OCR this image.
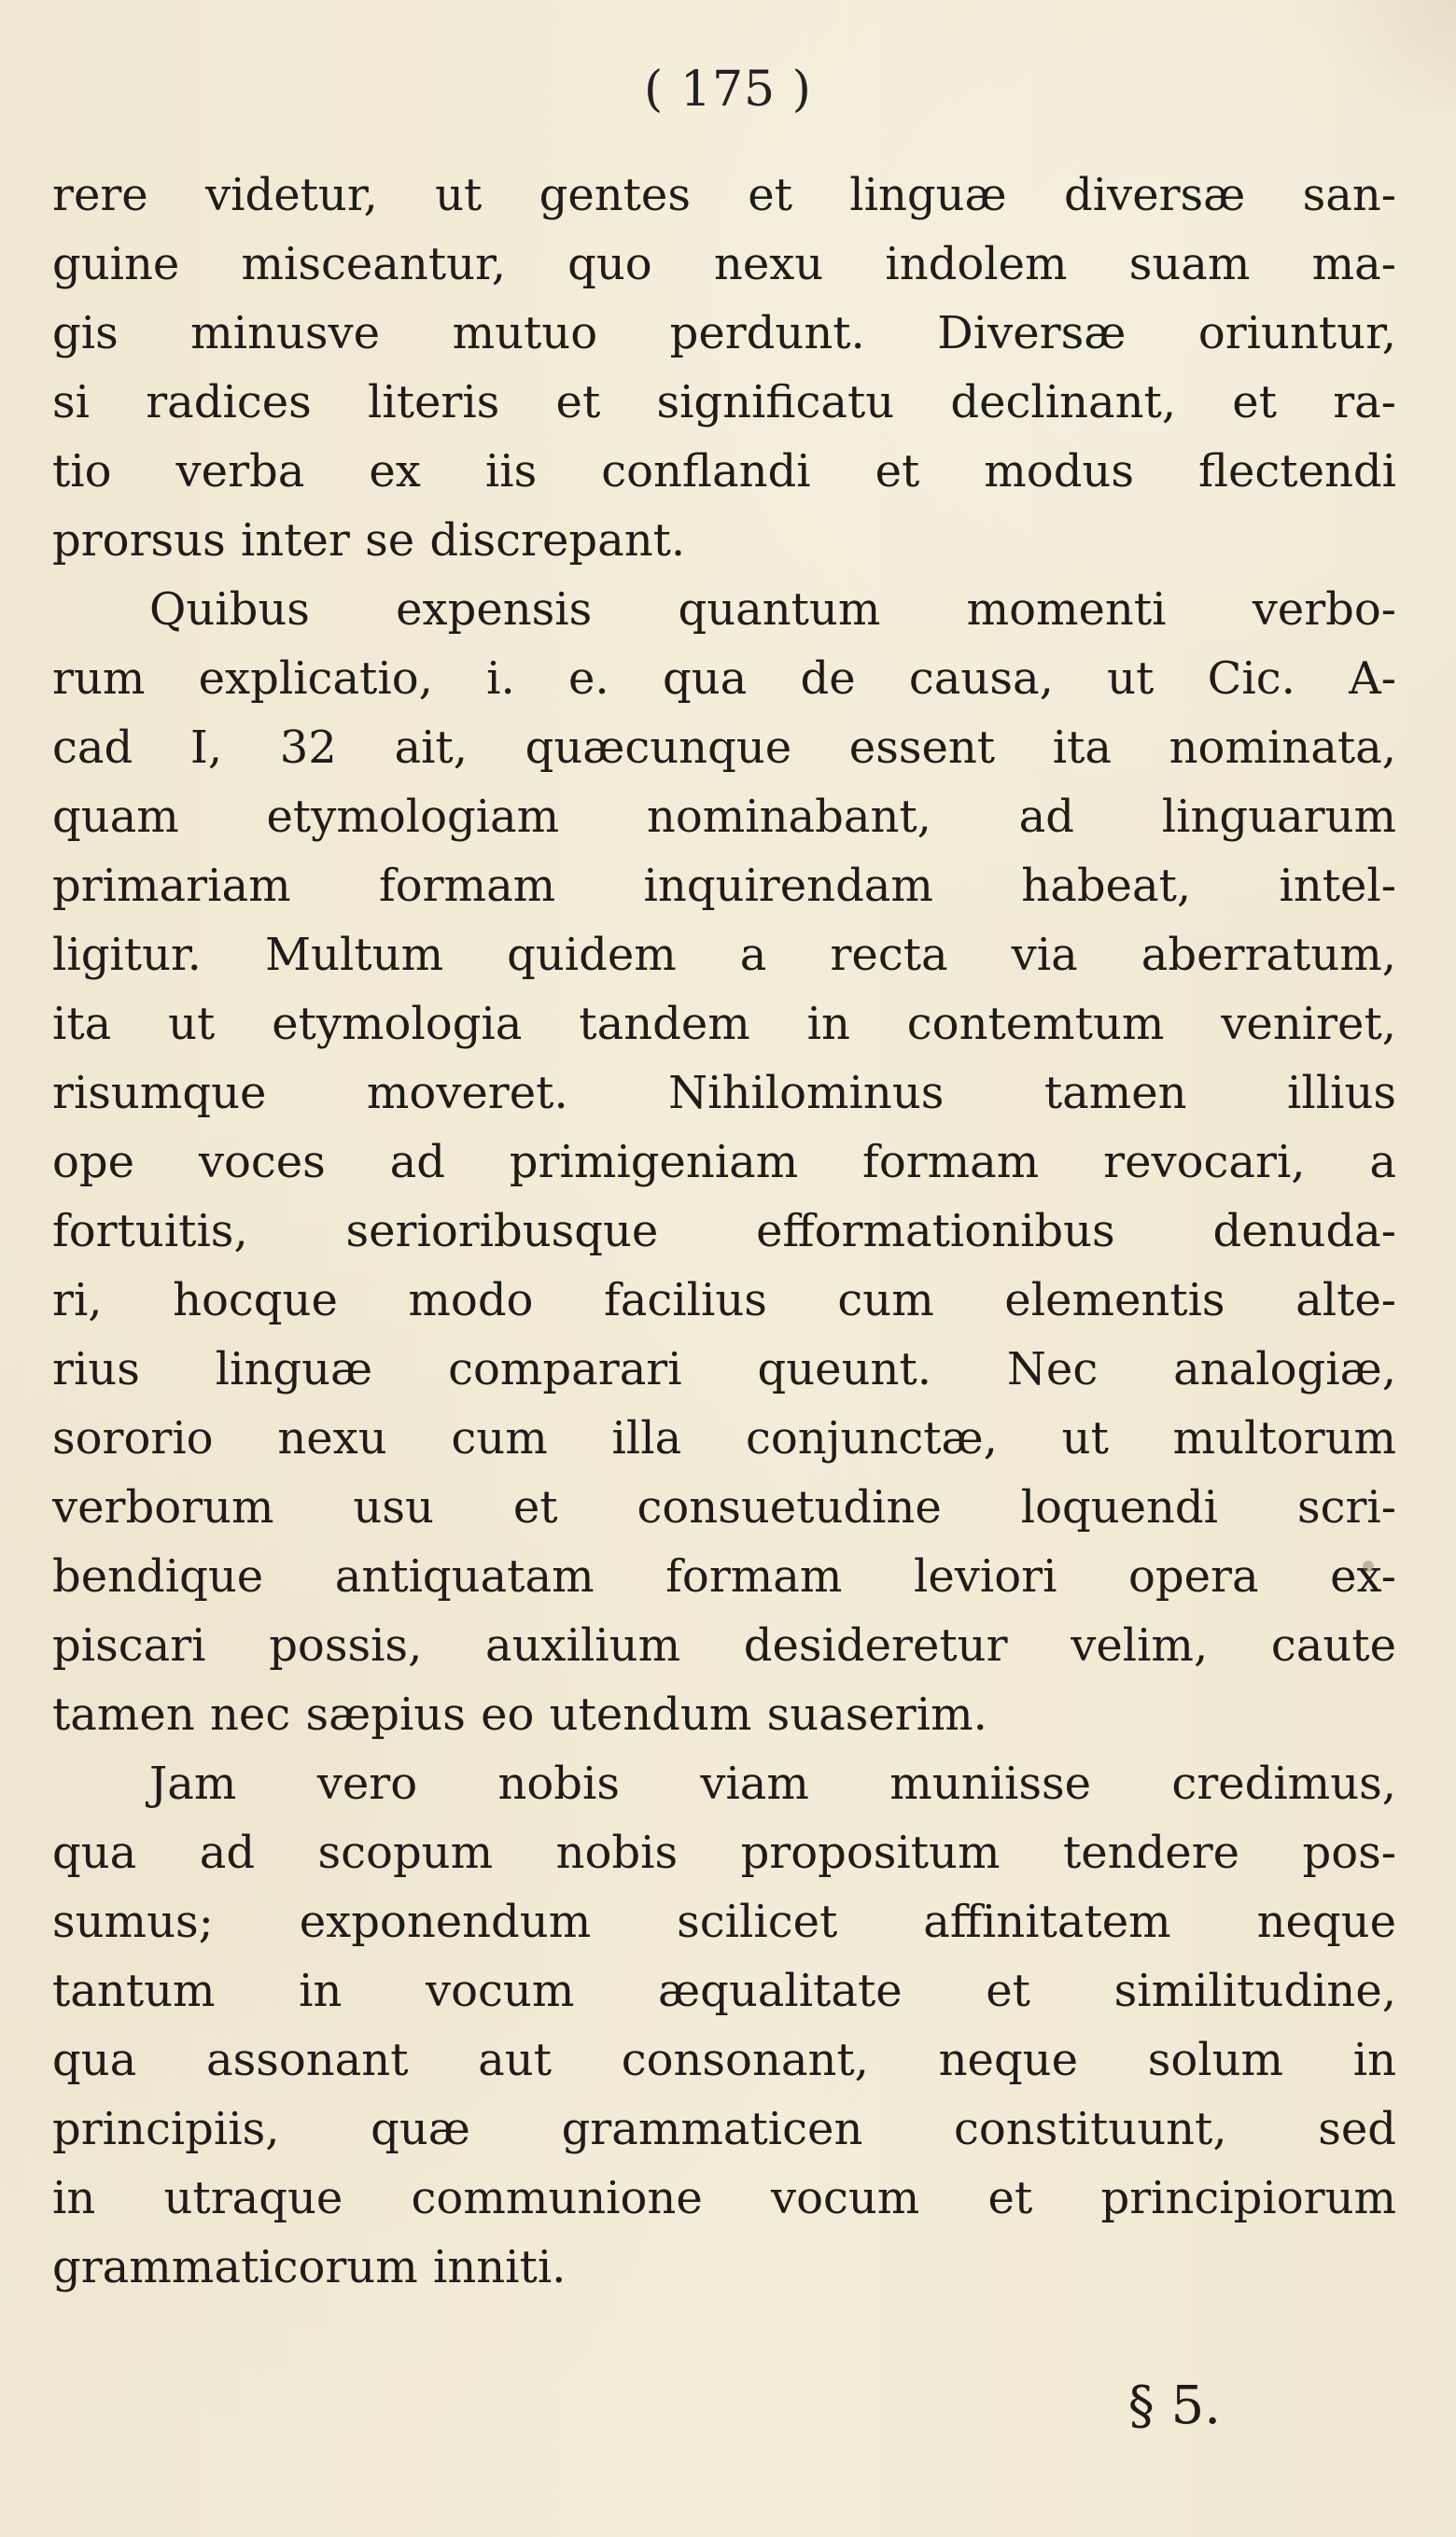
( 175 )
rere videtur, ut gentes et linguæ diversæ san-
guine misceantur, quo nexu indolem suam ma-
gis minusve mutuo perdunt. Diversæ oriuntur,
si radices literis et significatu declinant, et ra-
tio verba ex iis conflandi et modus flectendi
prorsus inter se discrepant.
Quibus expensis quantum momenti verbo-
rum explicatio, i. e. qua de causa, ut Cic. A-
cad I, 32 ait, quæcunque essent ita nominata,
quam etymologiam nominabant, ad linguarum
primariam formam inquirendam habeat, intel-
ligitur. Multum quidem a recta via aberratum,
ita ut etymologia tandem in contemtum veniret,
risumque moveret. Nihilominus tamen illius
ope voces ad primigeniam formam revocari, a
fortuitis, serioribusque efformationibus denuda-
ri, hocque modo facilius cum elementis alte-
rius linguæ comparari queunt. Nec analogiæ,
sororio nexu cum illa conjunctæ, ut multorum
verborum usu et consuetudine loquendi scri-
bendique antiquatam formam leviori opera ex-
piscari possis, auxilium desideretur velim, caute
tamen nec sæpius eo utendum suaserim.
Jam vero nobis viam muniisse credimus,
qua ad scopum nobis propositum tendere pos-
sumus; exponendum scilicet affinitatem neque
tantum in vocum æqualitate et similitudine,
qua assonant aut consonant, neque solum in
principiis, quæ grammaticen constituunt, sed
in utraque communione vocum et principiorum
grammaticorum inniti.
§ 5.
